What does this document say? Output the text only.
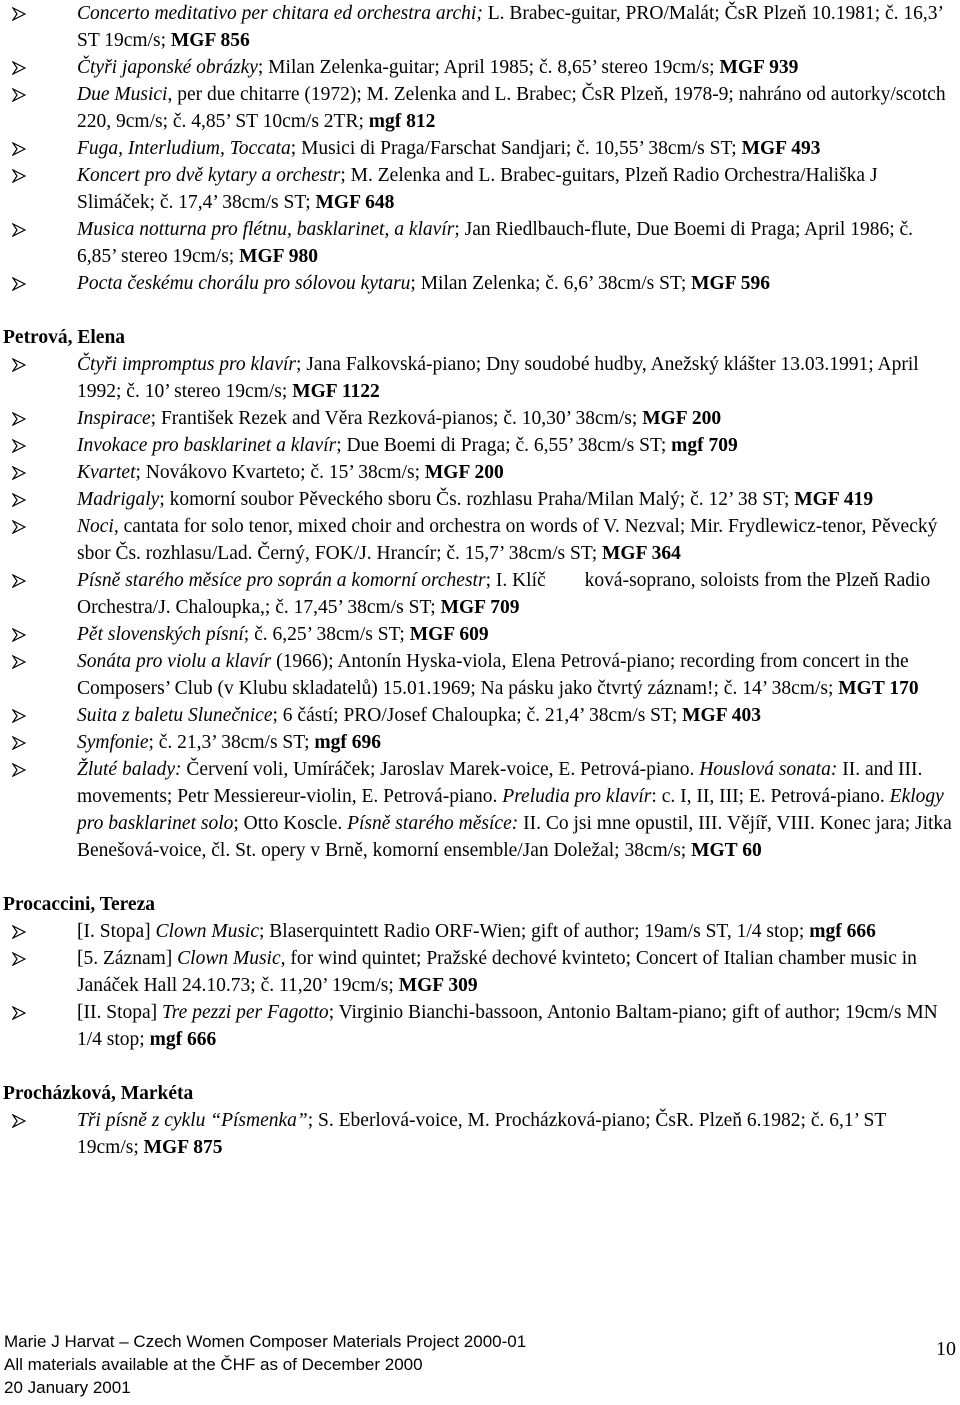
Concerto meditativo per chitara ed orchestra archi; L. Brabec-guitar, PRO/Malát; ČsR Plzeň 10.1981; č. 16,3’ ST 19cm/s; MGF 856
Čtyři japonské obrázky; Milan Zelenka-guitar; April 1985; č. 8,65’ stereo 19cm/s; MGF 939
Due Musici, per due chitarre (1972); M. Zelenka and L. Brabec; ČsR Plzeň, 1978-9; nahráno od autorky/scotch 220, 9cm/s; č. 4,85’ ST 10cm/s 2TR; mgf 812
Fuga, Interludium, Toccata; Musici di Praga/Farschat Sandjari; č. 10,55’ 38cm/s ST; MGF 493
Koncert pro dvě kytary a orchestr; M. Zelenka and L. Brabec-guitars, Plzeň Radio Orchestra/Hališka J Slimáček; č. 17,4’ 38cm/s ST; MGF 648
Musica notturna pro flétnu, basklarinet, a klavír; Jan Riedlbauch-flute, Due Boemi di Praga; April 1986; č. 6,85’ stereo 19cm/s; MGF 980
Pocta českému chorálu pro sólovou kytaru; Milan Zelenka; č. 6,6’ 38cm/s ST; MGF 596
Petrová, Elena
Čtyři impromptus pro klavír; Jana Falkovská-piano; Dny soudobé hudby, Anežský klášter 13.03.1991; April 1992; č. 10’ stereo 19cm/s; MGF 1122
Inspirace; František Rezek and Věra Rezková-pianos; č. 10,30’ 38cm/s; MGF 200
Invokace pro basklarinet a klavír; Due Boemi di Praga; č. 6,55’ 38cm/s ST; mgf 709
Kvartet; Novákovo Kvarteto; č. 15’ 38cm/s; MGF 200
Madrigaly; komorní soubor Pěveckého sboru Čs. rozhlasu Praha/Milan Malý; č. 12’ 38 ST; MGF 419
Noci, cantata for solo tenor, mixed choir and orchestra on words of V. Nezval; Mir. Frydlewicz-tenor, Pěvecký sbor Čs. rozhlasu/Lad. Černý, FOK/J. Hrancír; č. 15,7’ 38cm/s ST; MGF 364
Písně starého měsíce pro soprán a komorní orchestr; I. Klíč  ková-soprano, soloists from the Plzeň Radio Orchestra/J. Chaloupka,; č. 17,45’ 38cm/s ST; MGF 709
Pět slovenských písní; č. 6,25’ 38cm/s ST; MGF 609
Sonáta pro violu a klavír (1966); Antonín Hyska-viola, Elena Petrová-piano; recording from concert in the Composers’ Club (v Klubu skladatelů) 15.01.1969; Na pásku jako čtvrtý záznam!; č. 14’ 38cm/s; MGT 170
Suita z baletu Slunečnice; 6 částí; PRO/Josef Chaloupka; č. 21,4’ 38cm/s ST; MGF 403
Symfonie; č. 21,3’ 38cm/s ST; mgf 696
Žluté balady: Červení voli, Umíráček; Jaroslav Marek-voice, E. Petrová-piano. Houslová sonata: II. and III. movements; Petr Messiereur-violin, E. Petrová-piano. Preludia pro klavír: c. I, II, III; E. Petrová-piano. Eklogy pro basklarinet solo; Otto Koscle. Písně starého měsíce: II. Co jsi mne opustil, III. Vějíř, VIII. Konec jara; Jitka Benešová-voice, čl. St. opery v Brně, komorní ensemble/Jan Doležal; 38cm/s; MGT 60
Procaccini, Tereza
[I. Stopa] Clown Music; Blaserquintett Radio ORF-Wien; gift of author; 19am/s ST, 1/4 stop; mgf 666
[5. Záznam] Clown Music, for wind quintet; Pražské dechové kvinteto; Concert of Italian chamber music in Janáček Hall 24.10.73; č. 11,20’ 19cm/s; MGF 309
[II. Stopa] Tre pezzi per Fagotto; Virginio Bianchi-bassoon, Antonio Baltam-piano; gift of author; 19cm/s MN 1/4 stop; mgf 666
Procházková, Markéta
Tři písně z cyklu “Písmenka”; S. Eberlová-voice, M. Procházková-piano; ČsR. Plzeň 6.1982; č. 6,1’ ST 19cm/s; MGF 875
Marie J Harvat – Czech Women Composer Materials Project 2000-01
All materials available at the ČHF as of December 2000
20 January 2001
10
